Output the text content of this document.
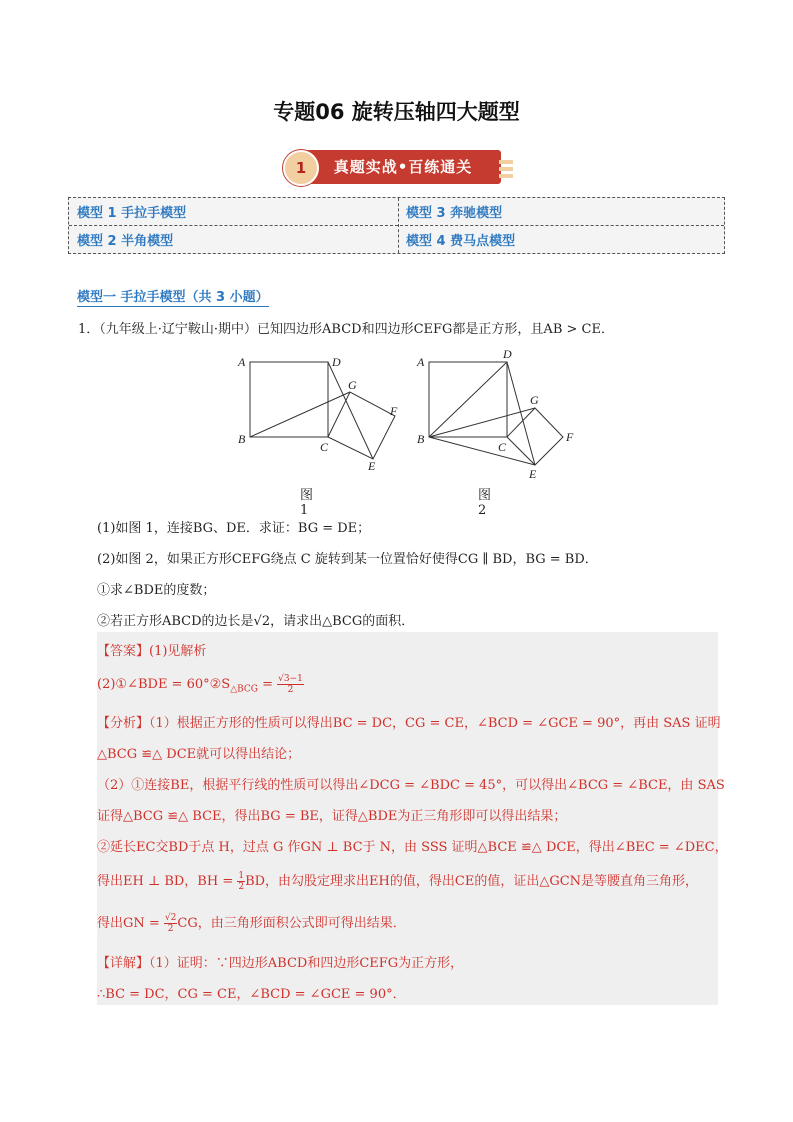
专题06 旋转压轴四大题型
1	真题实战•百练通关
模型 1 手拉手模型	模型 3 奔驰模型
模型 2 半角模型	模型 4 费马点模型
模型一 手拉手模型（共 3 小题）
1．（九年级上·辽宁鞍山·期中）已知四边形ABCD和四边形CEFG都是正方形，且AB > CE．
A	D
B
C
G
F
E
A
D
B
C
G
F
E
图1
图2
(1)如图 1，连接BG、DE．求证：BG = DE；
(2)如图 2，如果正方形CEFG绕点 C 旋转到某一位置恰好使得CG ∥ BD，BG = BD．
①求∠BDE的度数；
②若正方形ABCD的边长是√2，请求出△BCG的面积．
【答案】(1)见解析
(2)①∠BDE = $60^\circ ②S_{\triangle BCG} = \frac{√3-1}{2}$
【分析】（1）根据正方形的性质可以得出BC = DC，CG = CE，∠BCD = ∠GCE = 90°，再由 SAS 证明
△BCG ≌△ DCE就可以得出结论；
（2）①连接BE，根据平行线的性质可以得出∠DCG = ∠BDC = 45°，可以得出∠BCG = ∠BCE，由 SAS
证得△BCG ≌△ BCE，得出BG = BE，证得△BDE为正三角形即可以得出结果；
②延长EC交BD于点 H，过点 G 作GN ⊥ BC于 N，由 SSS 证明△BCE ≌△ DCE，得出∠BEC = ∠DEC，
得出EH ⊥ BD，BH = $\frac{1}{2}$ BD，由勾股定理求出EH的值，得出CE的值，证出△GCN是等腰直角三角形，
得出GN = $\frac{√2}{2}$ CG，由三角形面积公式即可得出结果．
【详解】（1）证明：∵四边形ABCD和四边形CEFG为正方形，
∴BC = DC，CG = CE，∠BCD = ∠GCE = 90°．
